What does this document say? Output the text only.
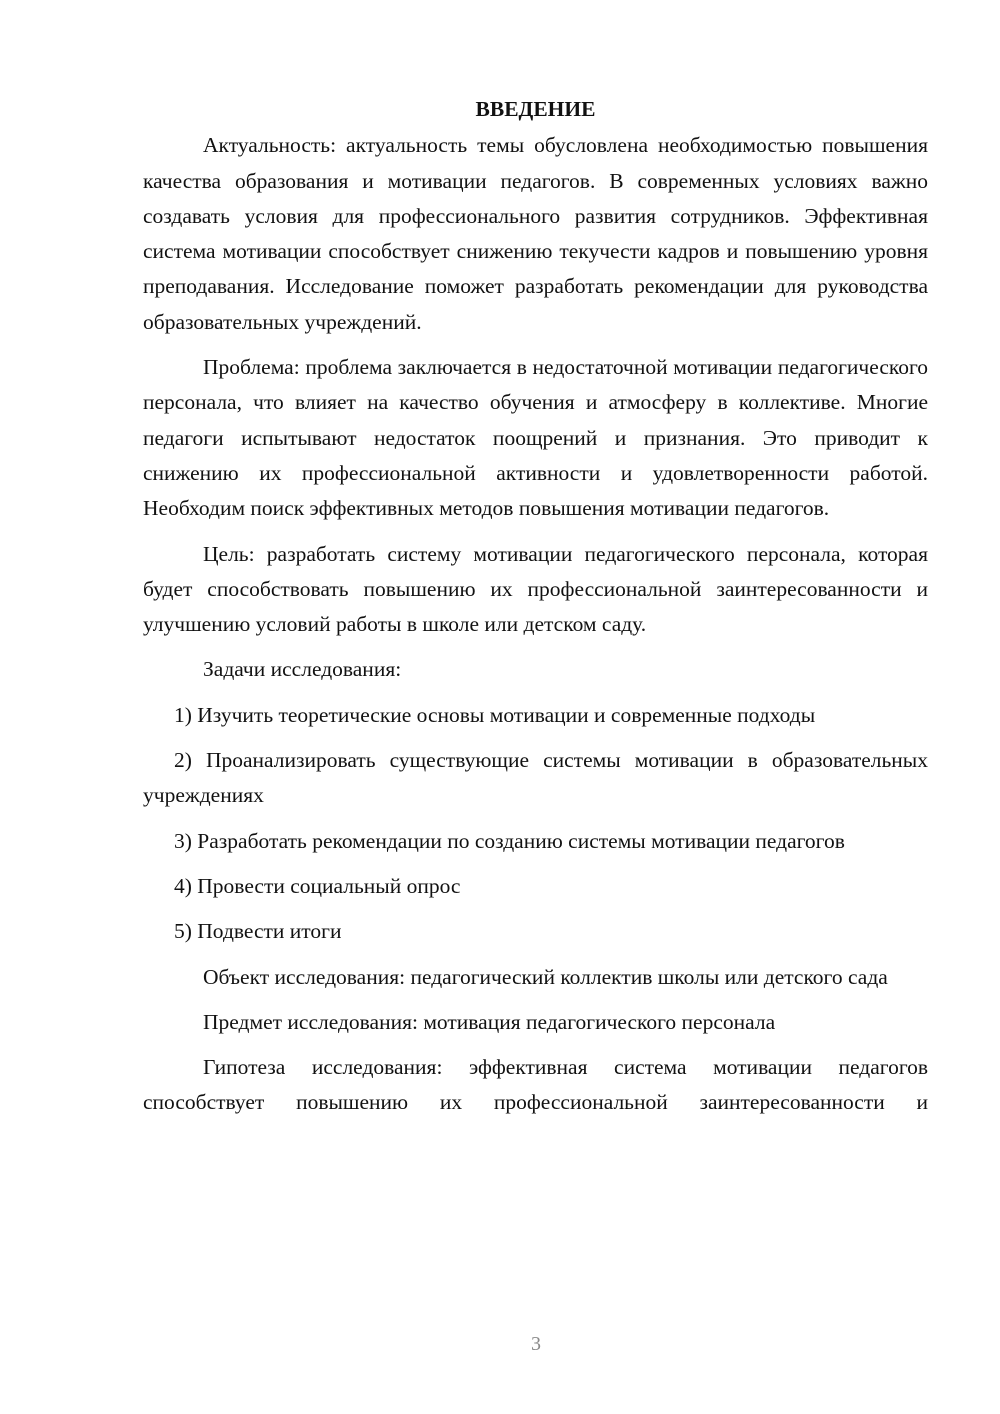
ВВЕДЕНИЕ

Актуальность: актуальность темы обусловлена необходимостью повышения качества образования и мотивации педагогов. В современных условиях важно создавать условия для профессионального развития сотрудников. Эффективная система мотивации способствует снижению текучести кадров и повышению уровня преподавания. Исследование поможет разработать рекомендации для руководства образовательных учреждений.

Проблема: проблема заключается в недостаточной мотивации педагогического персонала, что влияет на качество обучения и атмосферу в коллективе. Многие педагоги испытывают недостаток поощрений и признания. Это приводит к снижению их профессиональной активности и удовлетворенности работой. Необходим поиск эффективных методов повышения мотивации педагогов.

Цель: разработать систему мотивации педагогического персонала, которая будет способствовать повышению их профессиональной заинтересованности и улучшению условий работы в школе или детском саду.

Задачи исследования:

1) Изучить теоретические основы мотивации и современные подходы

2) Проанализировать существующие системы мотивации в образовательных учреждениях

3) Разработать рекомендации по созданию системы мотивации педагогов

4) Провести социальный опрос

5) Подвести итоги

Объект исследования: педагогический коллектив школы или детского сада

Предмет исследования: мотивация педагогического персонала

Гипотеза исследования: эффективная система мотивации педагогов способствует повышению их профессиональной заинтересованности и

3
